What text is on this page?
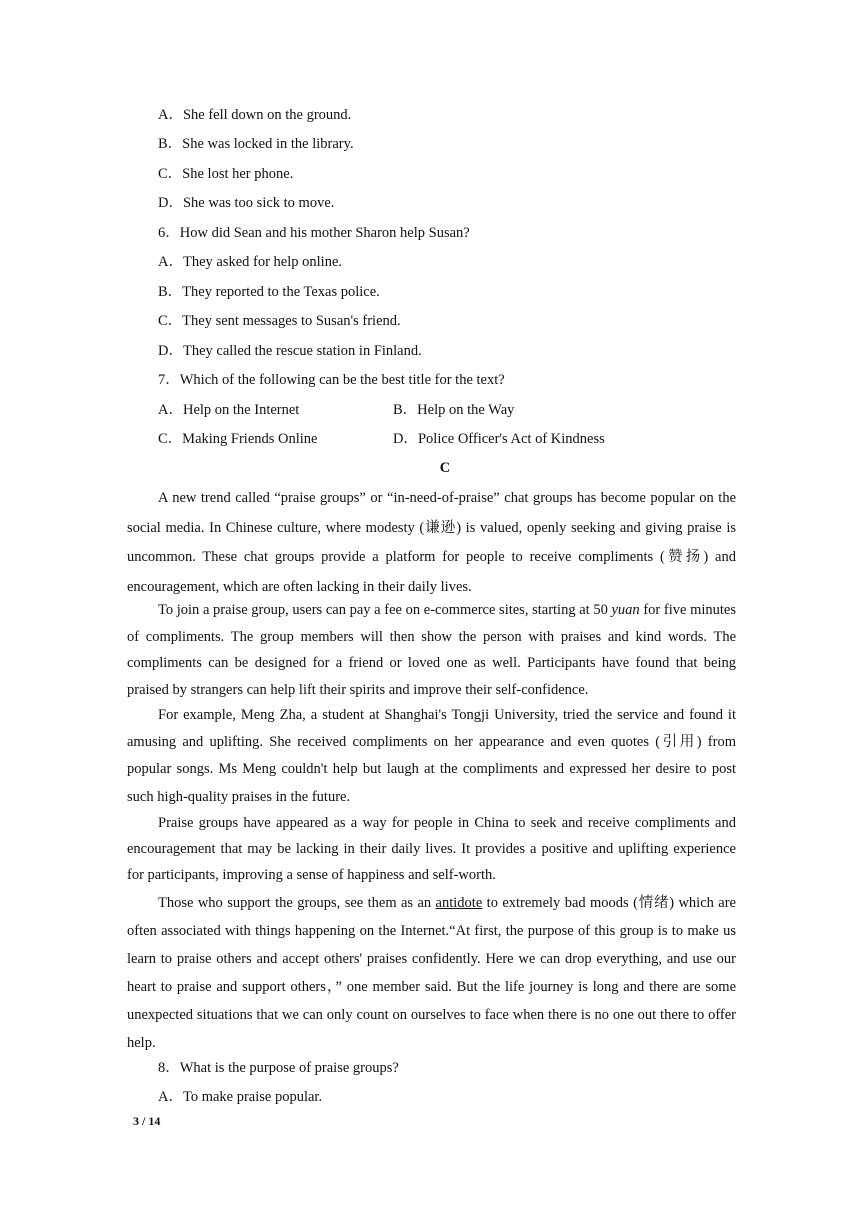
A．She fell down on the ground.
B．She was locked in the library.
C．She lost her phone.
D．She was too sick to move.
6．How did Sean and his mother Sharon help Susan?
A．They asked for help online.
B．They reported to the Texas police.
C．They sent messages to Susan's friend.
D．They called the rescue station in Finland.
7．Which of the following can be the best title for the text?
A．Help on the Internet	B．Help on the Way
C．Making Friends Online	D．Police Officer's Act of Kindness
C

A new trend called “praise groups” or “in-need-of-praise” chat groups has become popular on the social media. In Chinese culture, where modesty (谦逊) is valued, openly seeking and giving praise is uncommon. These chat groups provide a platform for people to receive compliments (赞扬) and encouragement, which are often lacking in their daily lives.

To join a praise group, users can pay a fee on e-commerce sites, starting at 50 yuan for five minutes of compliments. The group members will then show the person with praises and kind words. The compliments can be designed for a friend or loved one as well. Participants have found that being praised by strangers can help lift their spirits and improve their self-confidence.

For example, Meng Zha, a student at Shanghai's Tongji University, tried the service and found it amusing and uplifting. She received compliments on her appearance and even quotes (引用) from popular songs. Ms Meng couldn't help but laugh at the compliments and expressed her desire to post such high-quality praises in the future.

Praise groups have appeared as a way for people in China to seek and receive compliments and encouragement that may be lacking in their daily lives. It provides a positive and uplifting experience for participants, improving a sense of happiness and self-worth.

Those who support the groups, see them as an antidote to extremely bad moods (情绪) which are often associated with things happening on the Internet.“At first, the purpose of this group is to make us learn to praise others and accept others' praises confidently. Here we can drop everything, and use our heart to praise and support others，” one member said. But the life journey is long and there are some unexpected situations that we can only count on ourselves to face when there is no one out there to offer help.

8．What is the purpose of praise groups?
A．To make praise popular.
3 / 14
